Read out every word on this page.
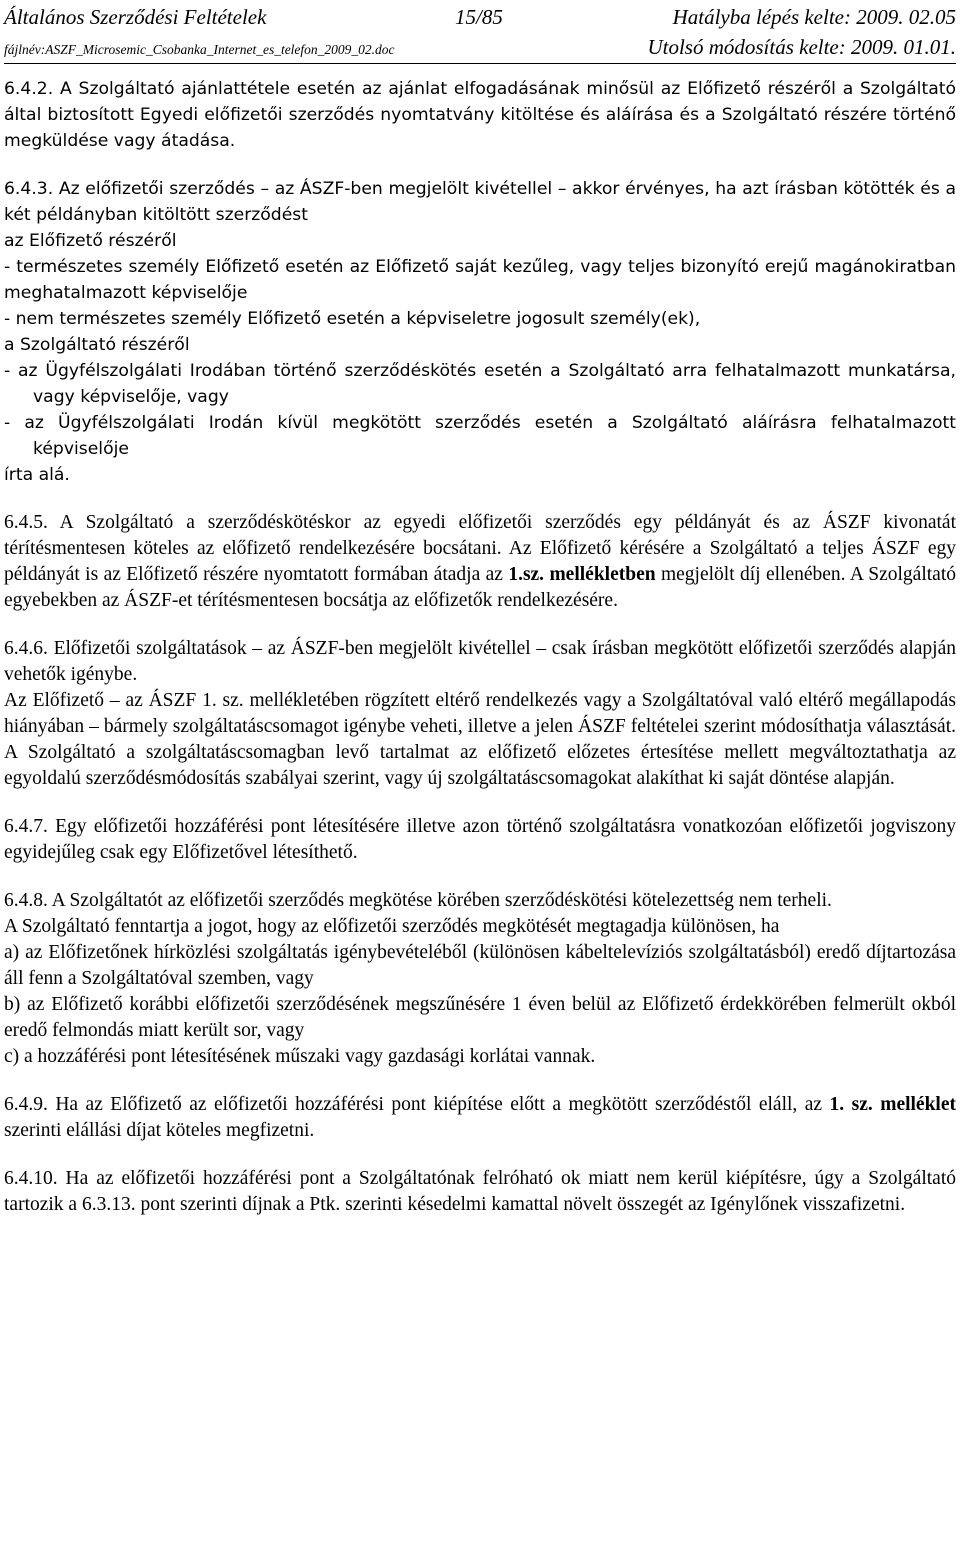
Általános Szerződési Feltételek	15/85	Hatályba lépés kelte: 2009. 02.05
fájlnév:ASZF_Microsemic_Csobanka_Internet_es_telefon_2009_02.doc	Utolsó módosítás kelte: 2009. 01.01.

6.4.2. A Szolgáltató ajánlattétele esetén az ajánlat elfogadásának minősül az Előfizető részéről a Szolgáltató által biztosított Egyedi előfizetői szerződés nyomtatvány kitöltése és aláírása és a Szolgáltató részére történő megküldése vagy átadása.

6.4.3. Az előfizetői szerződés – az ÁSZF-ben megjelölt kivétellel – akkor érvényes, ha azt írásban kötötték és a két példányban kitöltött szerződést

az Előfizető részéről

- természetes személy Előfizető esetén az Előfizető saját kezűleg, vagy teljes bizonyító erejű magánokiratban meghatalmazott képviselője

- nem természetes személy Előfizető esetén a képviseletre jogosult személy(ek),

a Szolgáltató részéről

- az Ügyfélszolgálati Irodában történő szerződéskötés esetén a Szolgáltató arra felhatalmazott munkatársa, vagy képviselője, vagy

- az Ügyfélszolgálati Irodán kívül megkötött szerződés esetén a Szolgáltató aláírásra felhatalmazott képviselője

írta alá.

6.4.5. A Szolgáltató a szerződéskötéskor az egyedi előfizetői szerződés egy példányát és az ÁSZF kivonatát térítésmentesen köteles az előfizető rendelkezésére bocsátani. Az Előfizető kérésére a Szolgáltató a teljes ÁSZF egy példányát is az Előfizető részére nyomtatott formában átadja az 1.sz. mellékletben megjelölt díj ellenében. A Szolgáltató egyebekben az ÁSZF-et térítésmentesen bocsátja az előfizetők rendelkezésére.

6.4.6. Előfizetői szolgáltatások – az ÁSZF-ben megjelölt kivétellel – csak írásban megkötött előfizetői szerződés alapján vehetők igénybe.

Az Előfizető – az ÁSZF 1. sz. mellékletében rögzített eltérő rendelkezés vagy a Szolgáltatóval való eltérő megállapodás hiányában – bármely szolgáltatáscsomagot igénybe veheti, illetve a jelen ÁSZF feltételei szerint módosíthatja választását. A Szolgáltató a szolgáltatáscsomagban levő tartalmat az előfizető előzetes értesítése mellett megváltoztathatja az egyoldalú szerződésmódosítás szabályai szerint, vagy új szolgáltatáscsomagokat alakíthat ki saját döntése alapján.

6.4.7. Egy előfizetői hozzáférési pont létesítésére illetve azon történő szolgáltatásra vonatkozóan előfizetői jogviszony egyidejűleg csak egy Előfizetővel létesíthető.

6.4.8. A Szolgáltatót az előfizetői szerződés megkötése körében szerződéskötési kötelezettség nem terheli.

A Szolgáltató fenntartja a jogot, hogy az előfizetői szerződés megkötését megtagadja különösen, ha

a) az Előfizetőnek hírközlési szolgáltatás igénybevételéből (különösen kábeltelevíziós szolgáltatásból) eredő díjtartozása áll fenn a Szolgáltatóval szemben, vagy

b) az Előfizető korábbi előfizetői szerződésének megszűnésére 1 éven belül az Előfizető érdekkörében felmerült okból eredő felmondás miatt került sor, vagy

c) a hozzáférési pont létesítésének műszaki vagy gazdasági korlátai vannak.

6.4.9. Ha az Előfizető az előfizetői hozzáférési pont kiépítése előtt a megkötött szerződéstől eláll, az 1. sz. melléklet szerinti elállási díjat köteles megfizetni.

6.4.10. Ha az előfizetői hozzáférési pont a Szolgáltatónak felróható ok miatt nem kerül kiépítésre, úgy a Szolgáltató tartozik a 6.3.13. pont szerinti díjnak a Ptk. szerinti késedelmi kamattal növelt összegét az Igénylőnek visszafizetni.
